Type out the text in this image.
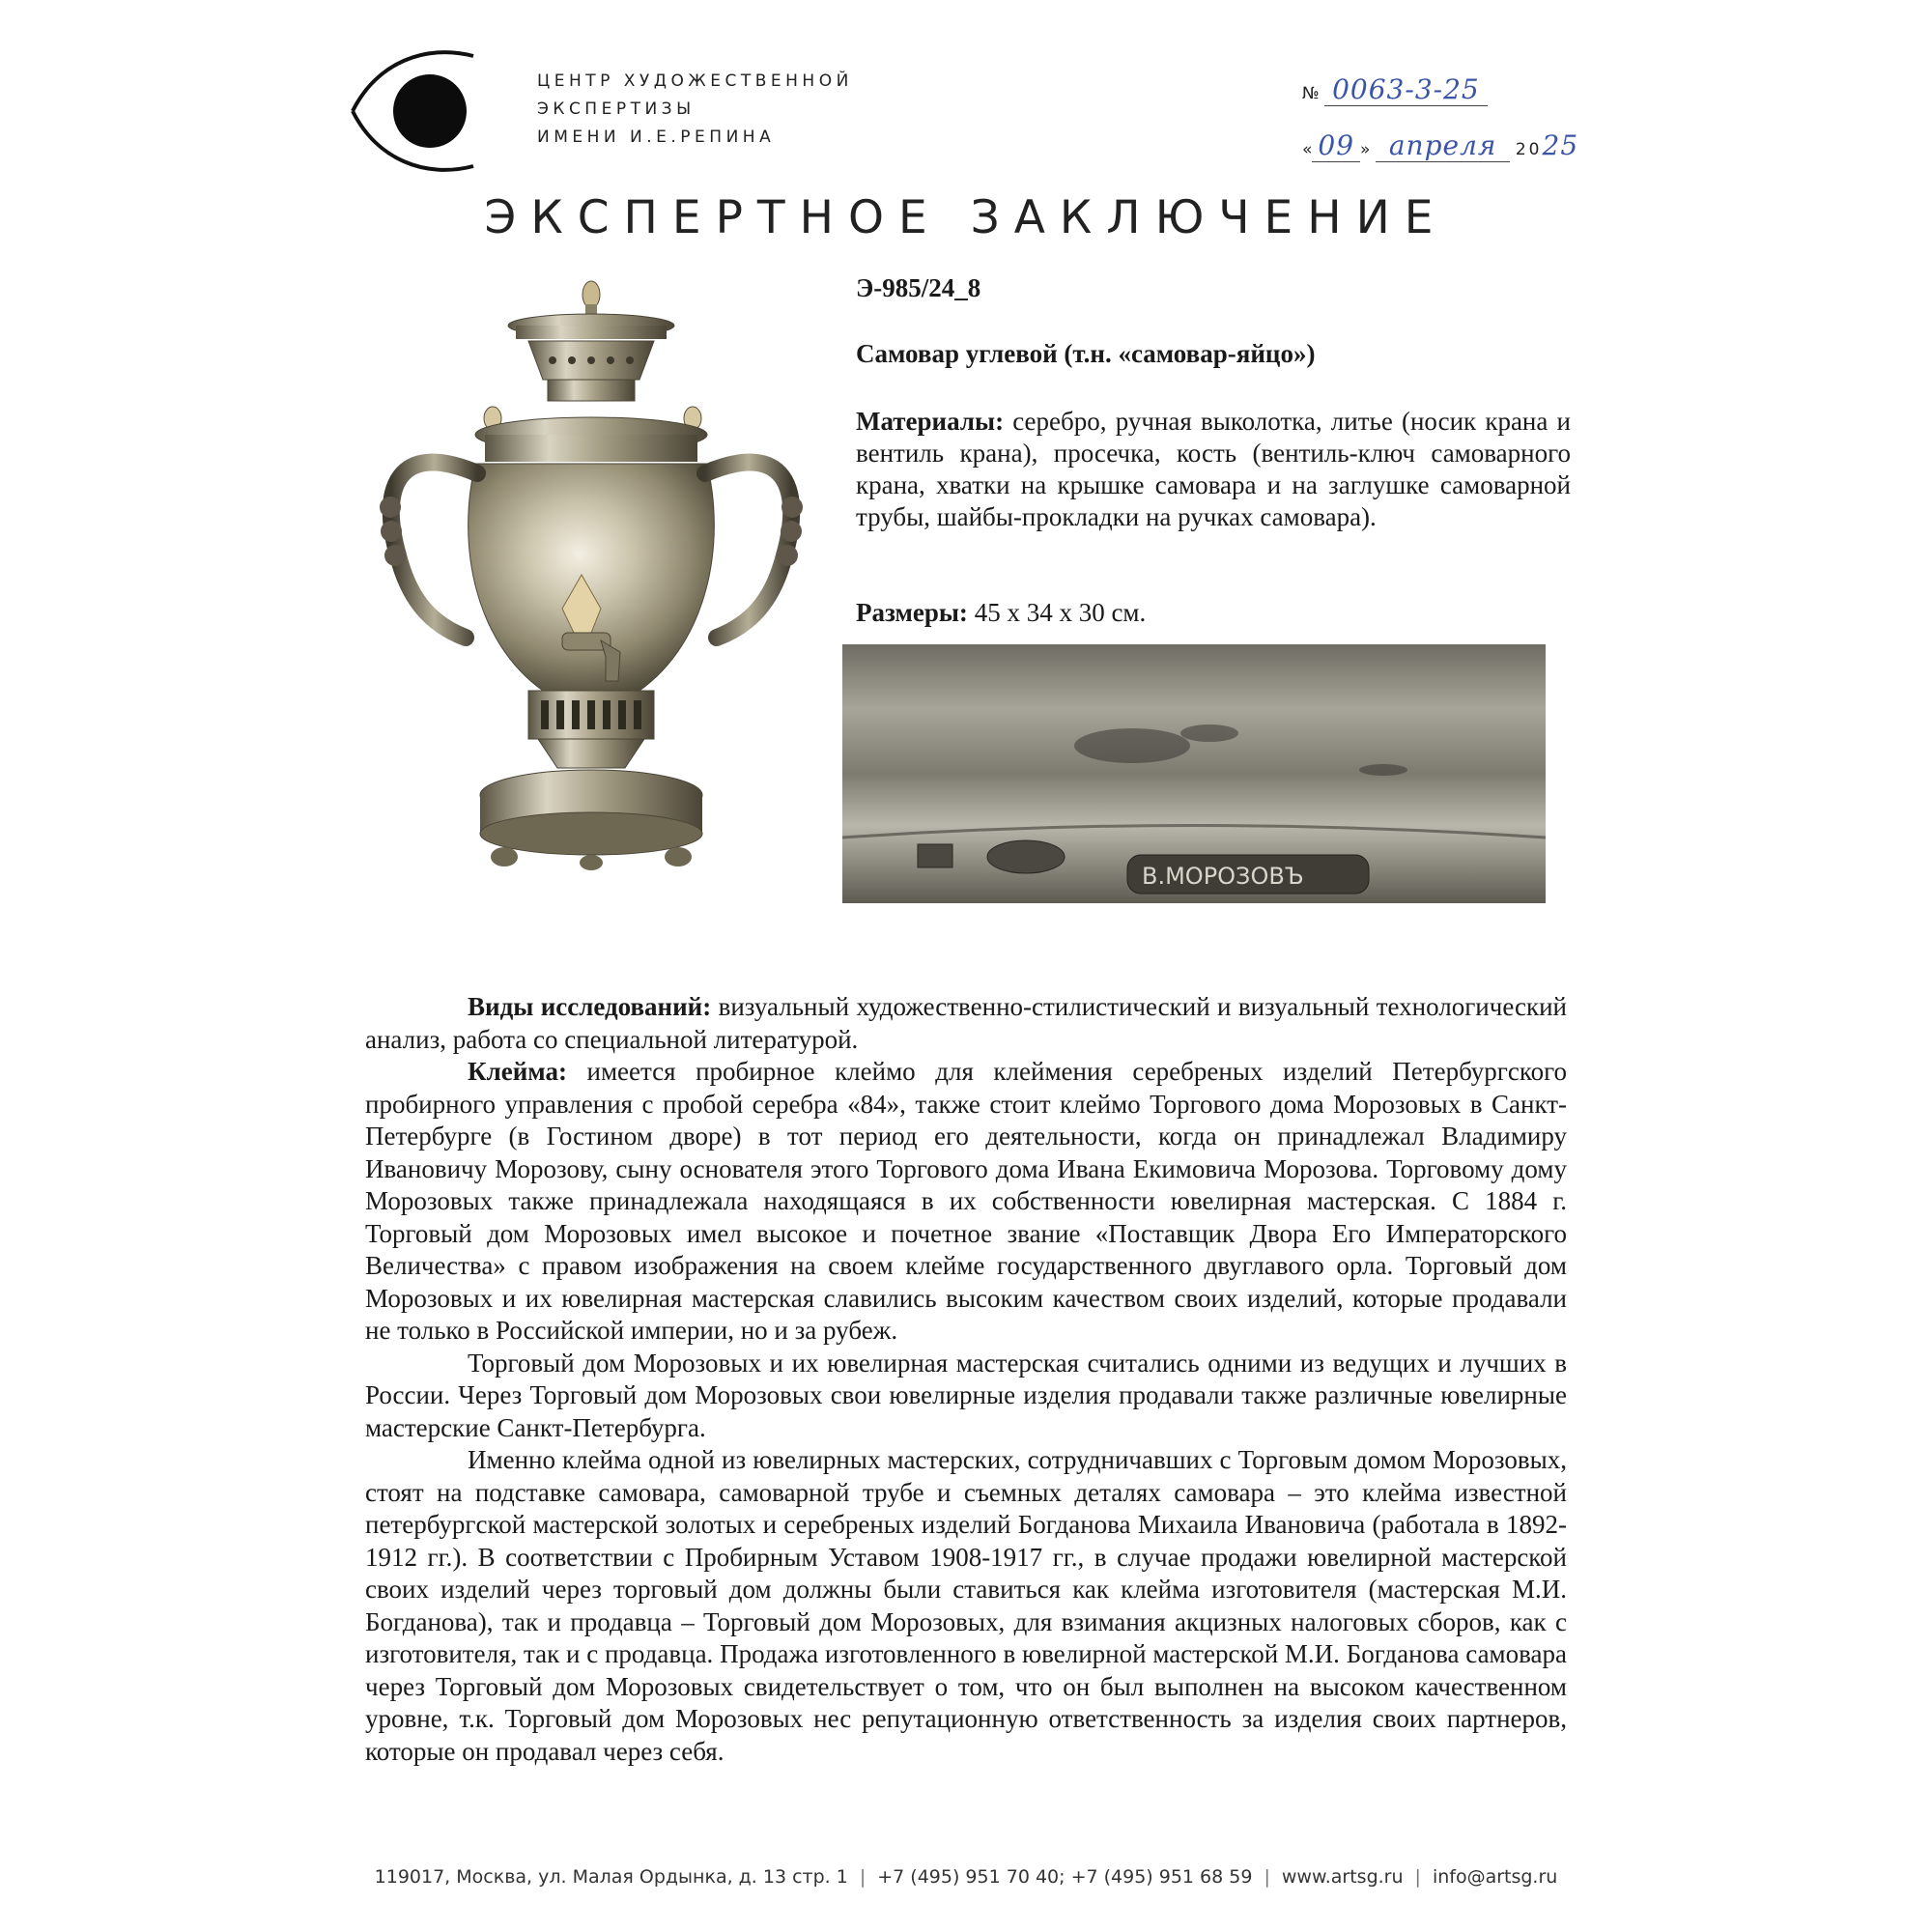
ЦЕНТР ХУДОЖЕСТВЕННОЙ
ЭКСПЕРТИЗЫ
ИМЕНИ И.Е.РЕПИНА
№ 0063-3-25
« 09 » апреля 2025
ЭКСПЕРТНОЕ ЗАКЛЮЧЕНИЕ
В.МОРОЗОВЪ
Э-985/24_8
Самовар углевой (т.н. «самовар-яйцо»)
Материалы: серебро, ручная выколотка, литье (носик крана и вентиль крана), просечка, кость (вентиль-ключ самоварного крана, хватки на крышке самовара и на заглушке самоварной трубы, шайбы-прокладки на ручках самовара).
Размеры: 45 х 34 х 30 см.

Виды исследований: визуальный художественно-стилистический и визуальный технологический анализ, работа со специальной литературой.

Клейма: имеется пробирное клеймо для клеймения серебреных изделий Петербургского пробирного управления с пробой серебра «84», также стоит клеймо Торгового дома Морозовых в Санкт-Петербурге (в Гостином дворе) в тот период его деятельности, когда он принадлежал Владимиру Ивановичу Морозову, сыну основателя этого Торгового дома Ивана Екимовича Морозова. Торговому дому Морозовых также принадлежала находящаяся в их собственности ювелирная мастерская. С 1884 г. Торговый дом Морозовых имел высокое и почетное звание «Поставщик Двора Его Императорского Величества» с правом изображения на своем клейме государственного двуглавого орла. Торговый дом Морозовых и их ювелирная мастерская славились высоким качеством своих изделий, которые продавали не только в Российской империи, но и за рубеж.

Торговый дом Морозовых и их ювелирная мастерская считались одними из ведущих и лучших в России. Через Торговый дом Морозовых свои ювелирные изделия продавали также различные ювелирные мастерские Санкт-Петербурга.

Именно клейма одной из ювелирных мастерских, сотрудничавших с Торговым домом Морозовых, стоят на подставке самовара, самоварной трубе и съемных деталях самовара – это клейма известной петербургской мастерской золотых и серебреных изделий Богданова Михаила Ивановича (работала в 1892-1912 гг.). В соответствии с Пробирным Уставом 1908-1917 гг., в случае продажи ювелирной мастерской своих изделий через торговый дом должны были ставиться как клейма изготовителя (мастерская М.И. Богданова), так и продавца – Торговый дом Морозовых, для взимания акцизных налоговых сборов, как с изготовителя, так и с продавца. Продажа изготовленного в ювелирной мастерской М.И. Богданова самовара через Торговый дом Морозовых свидетельствует о том, что он был выполнен на высоком качественном уровне, т.к. Торговый дом Морозовых нес репутационную ответственность за изделия своих партнеров, которые он продавал через себя.

119017, Москва, ул. Малая Ордынка, д. 13 стр. 1 | +7 (495) 951 70 40; +7 (495) 951 68 59 | www.artsg.ru | info@artsg.ru
